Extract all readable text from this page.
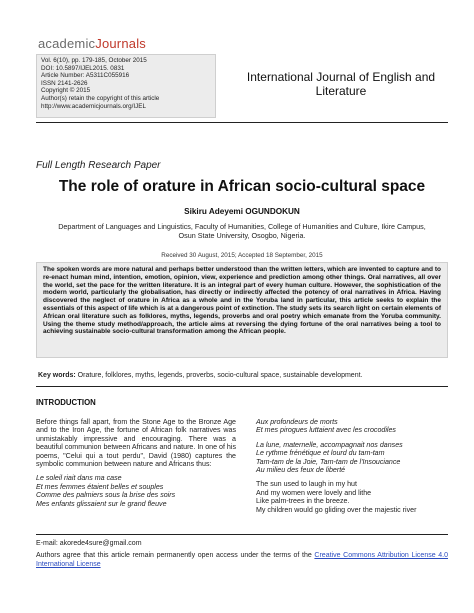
academicJournals
Vol. 6(10), pp. 179-185, October 2015
DOI: 10.5897/IJEL2015. 0831
Article Number: A5311C055916
ISSN 2141-2626
Copyright © 2015
Author(s) retain the copyright of this article
http://www.academicjournals.org/IJEL
International Journal of English and Literature
Full Length Research Paper
The role of orature in African socio-cultural space
Sikiru Adeyemi OGUNDOKUN
Department of Languages and Linguistics, Faculty of Humanities, College of Humanities and Culture, Ikire Campus, Osun State University, Osogbo, Nigeria.
Received 30 August, 2015; Accepted 18 September, 2015

The spoken words are more natural and perhaps better understood than the written letters, which are invented to capture and to re-enact human mind, intention, emotion, opinion, view, experience and prediction among other things. Oral narratives, all over the world, set the pace for the written literature. It is an integral part of every human culture. However, the sophistication of the modern world, particularly the globalisation, has directly or indirectly affected the potency of oral narratives in Africa. Having discovered the neglect of orature in Africa as a whole and in the Yoruba land in particular, this article seeks to explain the essentials of this aspect of life which is at a dangerous point of extinction. The study sets its search light on certain elements of African oral literature such as folklores, myths, legends, proverbs and oral poetry which emanate from the Yoruba community. Using the theme study method/approach, the article aims at reversing the dying fortune of the oral narratives being a tool to achieving sustainable socio-cultural transformation among the African people.

Key words: Orature, folklores, myths, legends, proverbs, socio-cultural space, sustainable development.
INTRODUCTION

Before things fall apart, from the Stone Age to the Bronze Age and to the Iron Age, the fortune of African folk narratives was unmistakably impressive and encouraging. There was a beautiful communion between Africans and nature. In one of his poems, "Celui qui a tout perdu", David (1980) captures the symbolic communion between nature and Africans thus:

Le soleil riait dans ma case
Et mes femmes étaient belles et souples
Comme des palmiers sous la brise des soirs
Mes enfants glissaient sur le grand fleuve
Aux profondeurs de morts
Et mes pirogues luttaient avec les crocodiles
La lune, maternelle, accompagnait nos danses
Le rythme frénétique et lourd du tam-tam
Tam-tam de la Joie, Tam-tam de l'Insouciance
Au milieu des feux de liberté
The sun used to laugh in my hut
And my women were lovely and lithe
Like palm-trees in the breeze.
My children would go gliding over the majestic river
E-mail: akorede4sure@gmail.com

Authors agree that this article remain permanently open access under the terms of the Creative Commons Attribution License 4.0 International License
